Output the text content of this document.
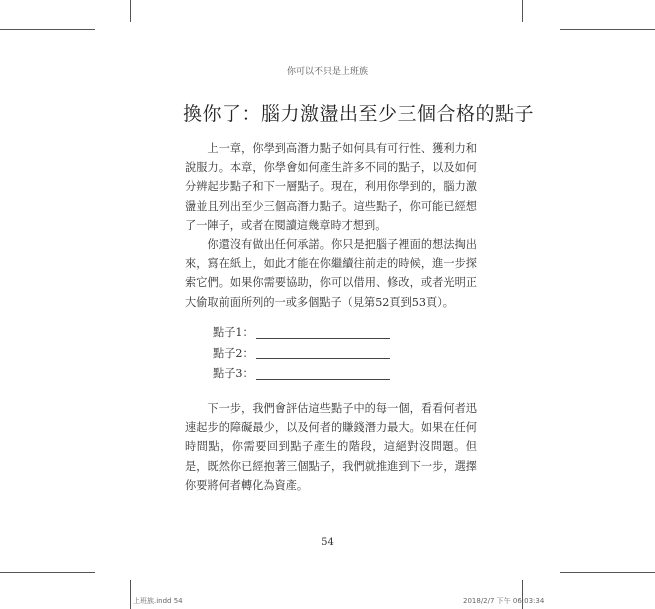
你可以不只是上班族
換你了：腦力激盪出至少三個合格的點子

上一章，你學到高潛力點子如何具有可行性、獲利力和說服力。本章，你學會如何產生許多不同的點子，以及如何分辨起步點子和下一層點子。現在，利用你學到的，腦力激盪並且列出至少三個高潛力點子。這些點子，你可能已經想了一陣子，或者在閱讀這幾章時才想到。

你還沒有做出任何承諾。你只是把腦子裡面的想法掏出來，寫在紙上，如此才能在你繼續往前走的時候，進一步探索它們。如果你需要協助，你可以借用、修改，或者光明正大偷取前面所列的一或多個點子（見第52頁到53頁）。

點子1：
點子2：
點子3：

下一步，我們會評估這些點子中的每一個，看看何者迅速起步的障礙最少，以及何者的賺錢潛力最大。如果在任何時間點，你需要回到點子產生的階段，這絕對沒問題。但是，既然你已經抱著三個點子，我們就推進到下一步，選擇你要將何者轉化為資產。

54
上班族.indd 54	2018/2/7 下午 06:03:34
